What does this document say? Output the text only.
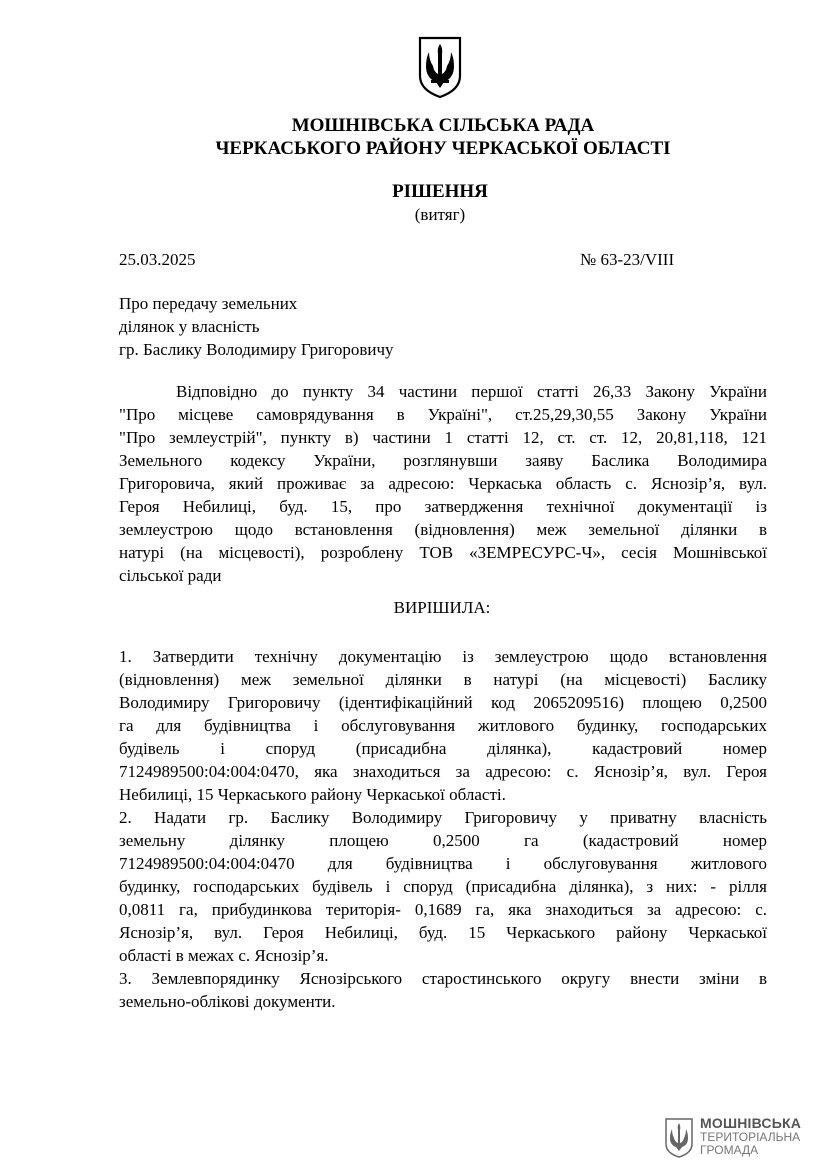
МОШНІВСЬКА СІЛЬСЬКА РАДА
ЧЕРКАСЬКОГО РАЙОНУ ЧЕРКАСЬКОЇ ОБЛАСТІ
РІШЕННЯ
(витяг)
25.03.2025	№ 63-23/VIII
Про передачу земельних
ділянок у власність
гр. Баслику Володимиру Григоровичу
Відповідно до пункту 34 частини першої статті 26,33 Закону України
"Про місцеве самоврядування в Україні", ст.25,29,30,55 Закону України
"Про землеустрій", пункту в) частини 1 статті 12, ст. ст. 12, 20,81,118, 121
Земельного кодексу України, розглянувши заяву Баслика Володимира
Григоровича, який проживає за адресою: Черкаська область с. Яснозір’я, вул.
Героя Небилиці, буд. 15, про затвердження технічної документації із
землеустрою щодо встановлення (відновлення) меж земельної ділянки в
натурі (на місцевості), розроблену ТОВ «ЗЕМРЕСУРС-Ч», сесія Мошнівської
сільської ради
ВИРІШИЛА:
1. Затвердити технічну документацію із землеустрою щодо встановлення
(відновлення) меж земельної ділянки в натурі (на місцевості) Баслику
Володимиру Григоровичу (ідентифікаційний код 2065209516) площею 0,2500
га для будівництва і обслуговування житлового будинку, господарських
будівель і споруд (присадибна ділянка), кадастровий номер
7124989500:04:004:0470, яка знаходиться за адресою: с. Яснозір’я, вул. Героя
Небилиці, 15 Черкаського району Черкаської області.
2. Надати гр. Баслику Володимиру Григоровичу у приватну власність
земельну ділянку площею 0,2500 га (кадастровий номер
7124989500:04:004:0470 для будівництва і обслуговування житлового
будинку, господарських будівель і споруд (присадибна ділянка), з них: - рілля
0,0811 га, прибудинкова територія- 0,1689 га, яка знаходиться за адресою: с.
Яснозір’я, вул. Героя Небилиці, буд. 15 Черкаського району Черкаської
області в межах с. Яснозір’я.
3. Землевпорядинку Яснозірського старостинського округу внести зміни в
земельно-облікові документи.
МОШНІВСЬКА
ТЕРИТОРІАЛЬНА
ГРОМАДА
